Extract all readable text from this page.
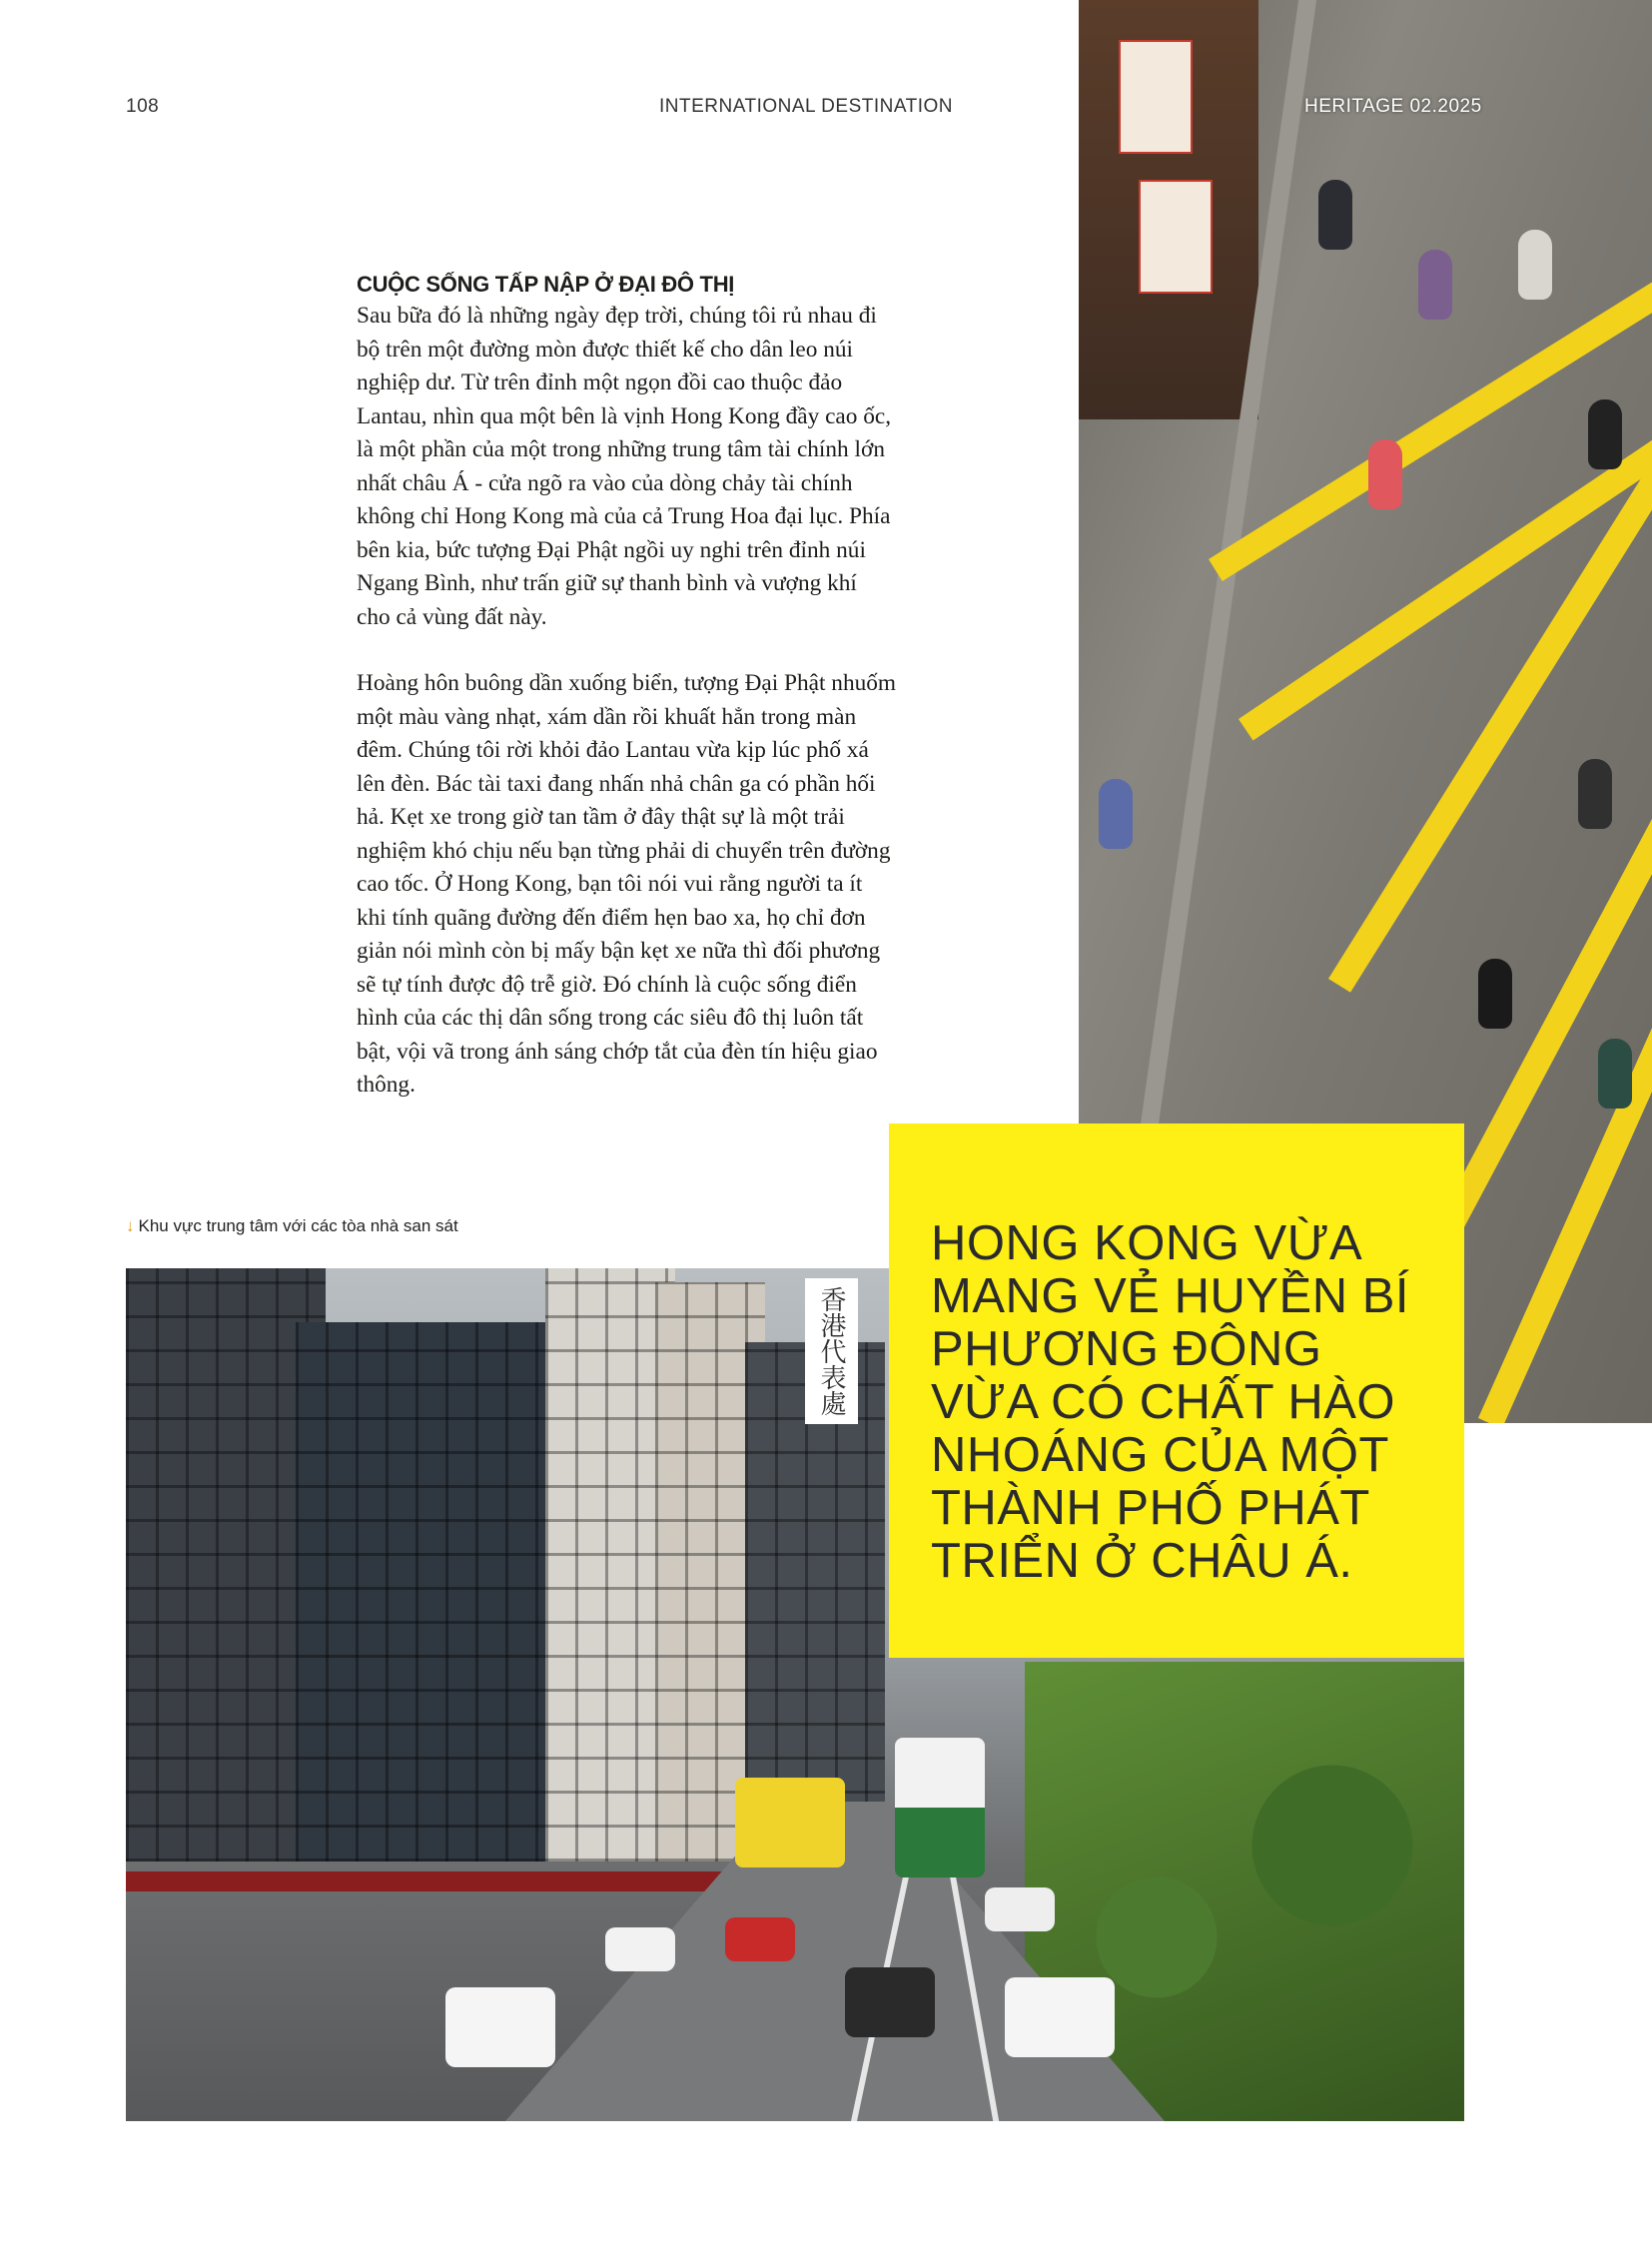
108	INTERNATIONAL DESTINATION	HERITAGE 02.2025
CUỘC SỐNG TẤP NẬP Ở ĐẠI ĐÔ THỊ

Sau bữa đó là những ngày đẹp trời, chúng tôi rủ nhau đi bộ trên một đường mòn được thiết kế cho dân leo núi nghiệp dư. Từ trên đỉnh một ngọn đồi cao thuộc đảo Lantau, nhìn qua một bên là vịnh Hong Kong đầy cao ốc, là một phần của một trong những trung tâm tài chính lớn nhất châu Á - cửa ngõ ra vào của dòng chảy tài chính không chỉ Hong Kong mà của cả Trung Hoa đại lục. Phía bên kia, bức tượng Đại Phật ngồi uy nghi trên đỉnh núi Ngang Bình, như trấn giữ sự thanh bình và vượng khí cho cả vùng đất này.

Hoàng hôn buông dần xuống biển, tượng Đại Phật nhuốm một màu vàng nhạt, xám dần rồi khuất hẳn trong màn đêm. Chúng tôi rời khỏi đảo Lantau vừa kịp lúc phố xá lên đèn. Bác tài taxi đang nhấn nhả chân ga có phần hối hả. Kẹt xe trong giờ tan tầm ở đây thật sự là một trải nghiệm khó chịu nếu bạn từng phải di chuyển trên đường cao tốc. Ở Hong Kong, bạn tôi nói vui rằng người ta ít khi tính quãng đường đến điểm hẹn bao xa, họ chỉ đơn giản nói mình còn bị mấy bận kẹt xe nữa thì đối phương sẽ tự tính được độ trễ giờ. Đó chính là cuộc sống điển hình của các thị dân sống trong các siêu đô thị luôn tất bật, vội vã trong ánh sáng chớp tắt của đèn tín hiệu giao thông.

↓ Khu vực trung tâm với các tòa nhà san sát
香港代表處
HONG KONG VỪA MANG VẺ HUYỀN BÍ PHƯƠNG ĐÔNG VỪA CÓ CHẤT HÀO NHOÁNG CỦA MỘT THÀNH PHỐ PHÁT TRIỂN Ở CHÂU Á.
